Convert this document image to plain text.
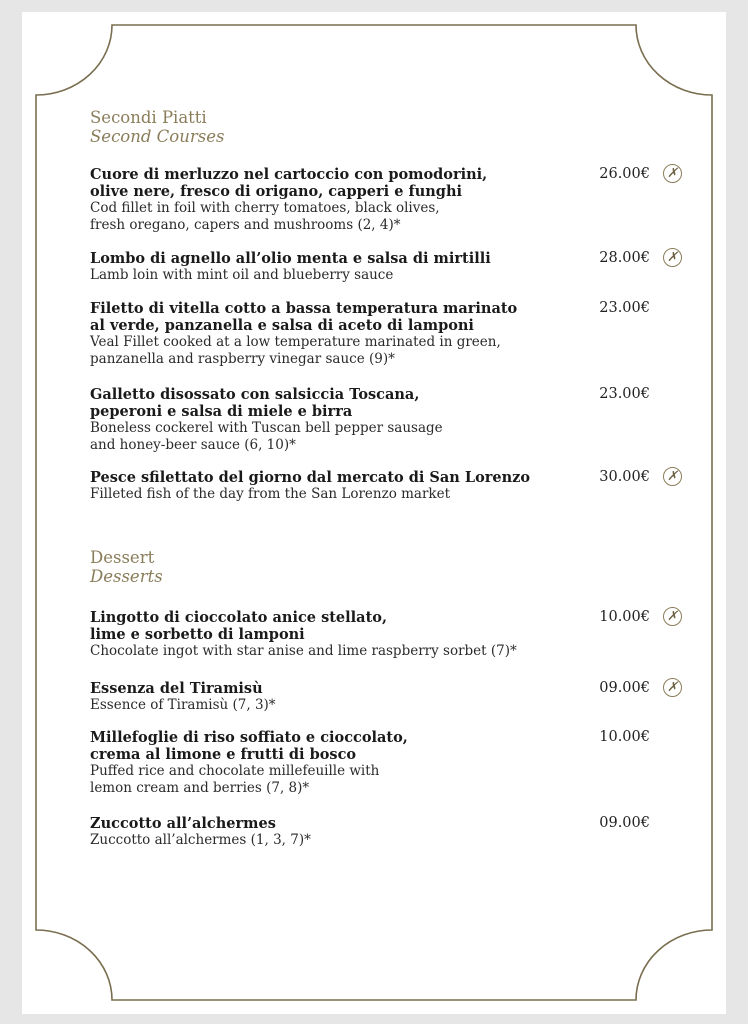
Secondi Piatti
Second Courses
Cuore di merluzzo nel cartoccio con pomodorini,
olive nere, fresco di origano, capperi e funghi
Cod fillet in foil with cherry tomatoes, black olives,
fresh oregano, capers and mushrooms (2, 4)*
26.00€	✗
Lombo di agnello all’olio menta e salsa di mirtilli
Lamb loin with mint oil and blueberry sauce
28.00€	✗
Filetto di vitella cotto a bassa temperatura marinato
al verde, panzanella e salsa di aceto di lamponi
Veal Fillet cooked at a low temperature marinated in green,
panzanella and raspberry vinegar sauce (9)*
23.00€
Galletto disossato con salsiccia Toscana,
peperoni e salsa di miele e birra
Boneless cockerel with Tuscan bell pepper sausage
and honey-beer sauce (6, 10)*
23.00€
Pesce sfilettato del giorno dal mercato di San Lorenzo
Filleted fish of the day from the San Lorenzo market
30.00€	✗
Dessert
Desserts
Lingotto di cioccolato anice stellato,
lime e sorbetto di lamponi
Chocolate ingot with star anise and lime raspberry sorbet (7)*
10.00€	✗
Essenza del Tiramisù
Essence of Tiramisù (7, 3)*
09.00€	✗
Millefoglie di riso soffiato e cioccolato,
crema al limone e frutti di bosco
Puffed rice and chocolate millefeuille with
lemon cream and berries (7, 8)*
10.00€
Zuccotto all’alchermes
Zuccotto all’alchermes (1, 3, 7)*
09.00€
